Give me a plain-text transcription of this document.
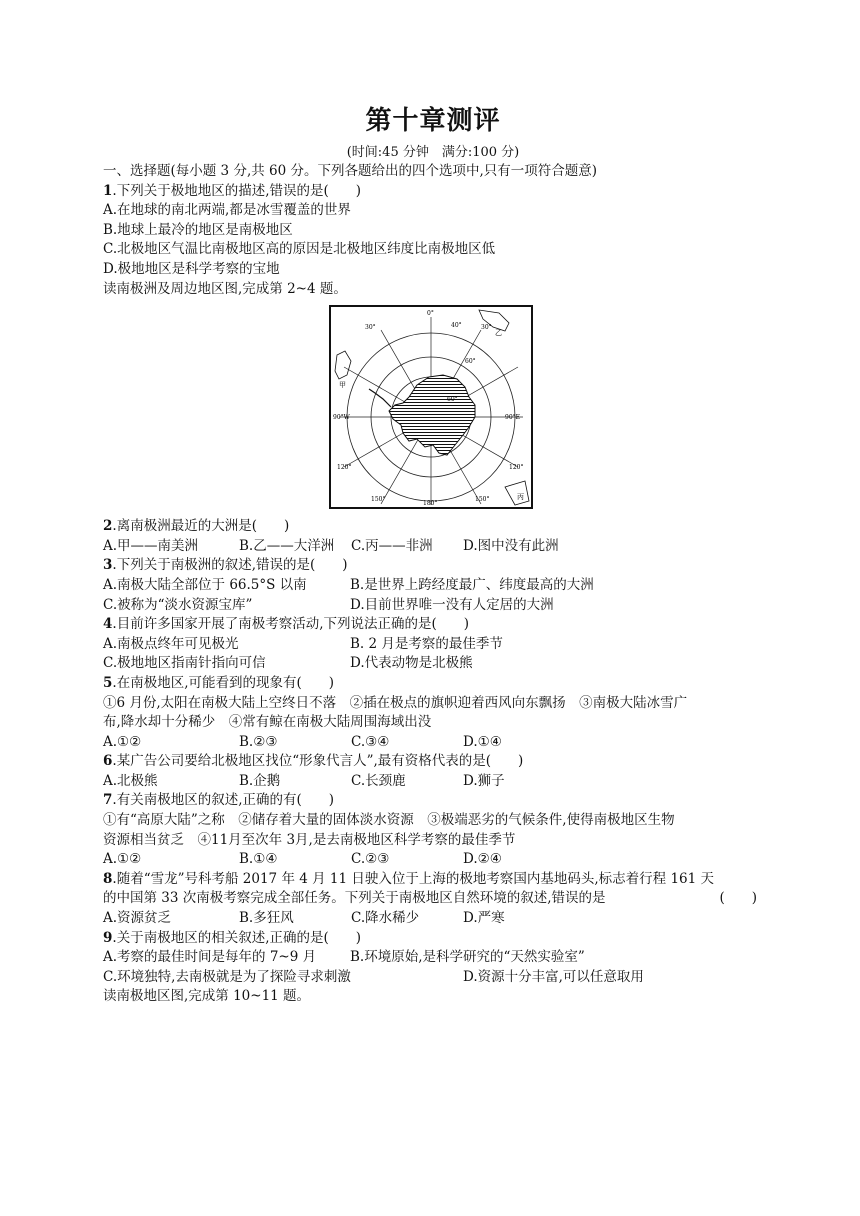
第十章测评
(时间:45 分钟　满分:100 分)
一、选择题(每小题 3 分,共 60 分。下列各题给出的四个选项中,只有一项符合题意)
1.下列关于极地地区的描述,错误的是(　　)
A.在地球的南北两端,都是冰雪覆盖的世界
B.地球上最冷的地区是南极地区
C.北极地区气温比南极地区高的原因是北极地区纬度比南极地区低
D.极地地区是科学考察的宝地
读南极洲及周边地区图,完成第 2~4 题。
0°
30°	40°	30°
60°
甲
90°W	90°E
乙
60°
120°	120°
150°
180°
150°	丙
2.离南极洲最近的大洲是(　　)
A.甲——南美洲	B.乙——大洋洲	C.丙——非洲	D.图中没有此洲
3.下列关于南极洲的叙述,错误的是(　　)
A.南极大陆全部位于 66.5°S 以南	B.是世界上跨经度最广、纬度最高的大洲
C.被称为“淡水资源宝库”	D.目前世界唯一没有人定居的大洲
4.目前许多国家开展了南极考察活动,下列说法正确的是(　　)
A.南极点终年可见极光	B. 2 月是考察的最佳季节
C.极地地区指南针指向可信	D.代表动物是北极熊
5.在南极地区,可能看到的现象有(　　)
①6 月份,太阳在南极大陆上空终日不落　②插在极点的旗帜迎着西风向东飘扬　③南极大陆冰雪广
布,降水却十分稀少　④常有鲸在南极大陆周围海域出没
A.①②	B.②③	C.③④	D.①④
6.某广告公司要给北极地区找位“形象代言人”,最有资格代表的是(　　)
A.北极熊	B.企鹅	C.长颈鹿	D.狮子
7.有关南极地区的叙述,正确的有(　　)
①有“高原大陆”之称　②储存着大量的固体淡水资源　③极端恶劣的气候条件,使得南极地区生物
资源相当贫乏　④11月至次年 3月,是去南极地区科学考察的最佳季节
A.①②	B.①④	C.②③	D.②④
8.随着“雪龙”号科考船 2017 年 4 月 11 日驶入位于上海的极地考察国内基地码头,标志着行程 161 天
的中国第 33 次南极考察完成全部任务。下列关于南极地区自然环境的叙述,错误的是	(　　)
A.资源贫乏	B.多狂风	C.降水稀少	D.严寒
9.关于南极地区的相关叙述,正确的是(　　)
A.考察的最佳时间是每年的 7~9 月	B.环境原始,是科学研究的“天然实验室”
C.环境独特,去南极就是为了探险寻求刺激	D.资源十分丰富,可以任意取用
读南极地区图,完成第 10~11 题。
